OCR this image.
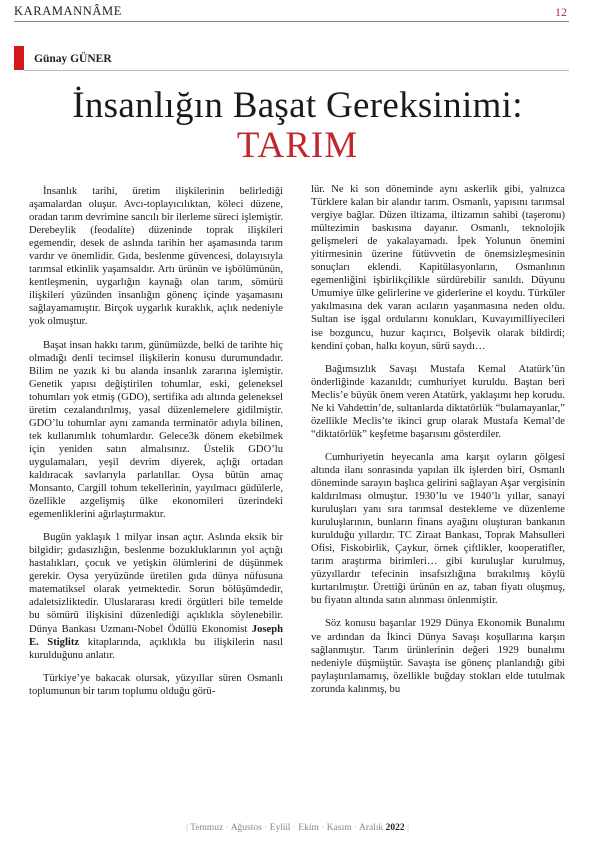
KARAMANNÂME	12
Günay GÜNER
İnsanlığın Başat Gereksinimi:
TARIM

İnsanlık tarihi, üretim ilişkilerinin belirlediği aşamalardan oluşur. Avcı-toplayıcılıktan, köleci düzene, oradan tarım devrimine sancılı bir ilerleme süreci işlemiştir. Derebeylik (feodalite) düzeninde toprak ilişkileri egemendir, desek de aslında tarihin her aşamasında tarım vardır ve önemlidir. Gıda, beslenme güvencesi, dolayısıyla tarımsal etkinlik yaşamsaldır. Artı ürünün ve işbölümünün, kentleşmenin, uygarlığın kaynağı olan tarım, sömürü ilişkileri yüzünden insanlığın gönenç içinde yaşamasını sağlayamamıştır. Birçok uygarlık kuraklık, açlık nedeniyle yok olmuştur.

Başat insan hakkı tarım, günümüzde, belki de tarihte hiç olmadığı denli tecimsel ilişkilerin konusu durumundadır. Bilim ne yazık ki bu alanda insanlık zararına işlemiştir. Genetik yapısı değiştirilen tohumlar, eski, geleneksel tohumları yok etmiş (GDO), sertifika adı altında geleneksel üretim cezalandırılmış, yasal düzenlemelere gidilmiştir. GDO’lu tohumlar aynı zamanda terminatör adıyla bilinen, tek kullanımlık tohumlardır. Gelece3k dönem ekebilmek için yeniden satın almalısınız. Üstelik GDO’lu uygulamaları, yeşil devrim diyerek, açlığı ortadan kaldıracak savlarıyla parlatıllar. Oysa bütün amaç Monsanto, Cargill tohum tekellerinin, yayılmacı güdülerle, özellikle azgelişmiş ülke ekonomileri üzerindeki egemenliklerini ağırlaştırmaktır.

Bugün yaklaşık 1 milyar insan açtır. Aslında eksik bir bilgidir; gıdasızlığın, beslenme bozukluklarının yol açtığı hastalıkları, çocuk ve yetişkin ölümlerini de düşünmek gerekir. Oysa yeryüzünde üretilen gıda dünya nüfusuna matematiksel olarak yetmektedir. Sorun bölüşümdedir, adaletsizliktedir. Uluslararası kredi örgütleri bile temelde bu sömürü ilişkisini düzenlediği açıklıkla söylenebilir. Dünya Bankası Uzmanı-Nobel Ödüllü Ekonomist Joseph E. Stiglitz kitaplarında, açıklıkla bu ilişkilerin nasıl kurulduğunu anlatır.

Türkiye’ye bakacak olursak, yüzyıllar süren Osmanlı toplumunun bir tarım toplumu olduğu görü-

lür. Ne ki son döneminde aynı askerlik gibi, yalnızca Türklere kalan bir alandır tarım. Osmanlı, yapısını tarımsal vergiye bağlar. Düzen iltizama, iltizamın sahibi (taşeronu) mültezimin baskısına dayanır. Osmanlı, teknolojik gelişmeleri de yakalayamadı. İpek Yolunun önemini yitirmesinin üzerine fütüvvetin de önemsizleşmesinin sonuçları eklendi. Kapitülasyonların, Osmanlının egemenliğini işbirlikçilikle sürdürebilir sanıldı. Düyunu Umumiye ülke gelirlerine ve giderlerine el koydu. Türküler yakılmasına dek varan acıların yaşanmasına neden oldu. Sultan ise işgal ordularını konukları, Kuvayımilliyecileri ise bozguncu, huzur kaçırıcı, Bolşevik olarak bildirdi; kendini çoban, halkı koyun, sürü saydı…

Bağımsızlık Savaşı Mustafa Kemal Atatürk’ün önderliğinde kazanıldı; cumhuriyet kuruldu. Baştan beri Meclis’e büyük önem veren Atatürk, yaklaşımı hep korudu. Ne ki Vahdettin’de, sultanlarda diktatörlük “bulamayanlar,” özellikle Meclis’te ikinci grup olarak Mustafa Kemal’de “diktatörlük” keşfetme başarısını gösterdiler.

Cumhuriyetin heyecanla ama karşıt oyların gölgesi altında ilanı sonrasında yapılan ilk işlerden biri, Osmanlı döneminde sarayın başlıca gelirini sağlayan Aşar vergisinin kaldırılması olmuştur. 1930’lu ve 1940’lı yıllar, sanayi kuruluşları yanı sıra tarımsal destekleme ve düzenleme kuruluşlarının, bunların finans ayağını oluşturan bankanın kurulduğu yıllardır. TC Ziraat Bankası, Toprak Mahsulleri Ofisi, Fiskobirlik, Çaykur, örnek çiftlikler, kooperatifler, tarım araştırma birimleri… gibi kuruluşlar kurulmuş, yüzyıllardır tefecinin insafsızlığına bırakılmış köylü kurtarılmıştır. Ürettiği ürünün en az, taban fiyatı oluşmuş, bu fiyatın altında satın alınması önlenmiştir.

Söz konusu başarılar 1929 Dünya Ekonomik Bunalımı ve ardından da İkinci Dünya Savaşı koşullarına karşın sağlanmıştır. Tarım ürünlerinin değeri 1929 bunalımı nedeniyle düşmüştür. Savaşta ise gönenç planlandığı gibi paylaştırılamamış, özellikle buğday stokları elde tutulmak zorunda kalınmış, bu

| Temmuz · Ağustos · Eylül · Ekim · Kasım · Aralık 2022 |
